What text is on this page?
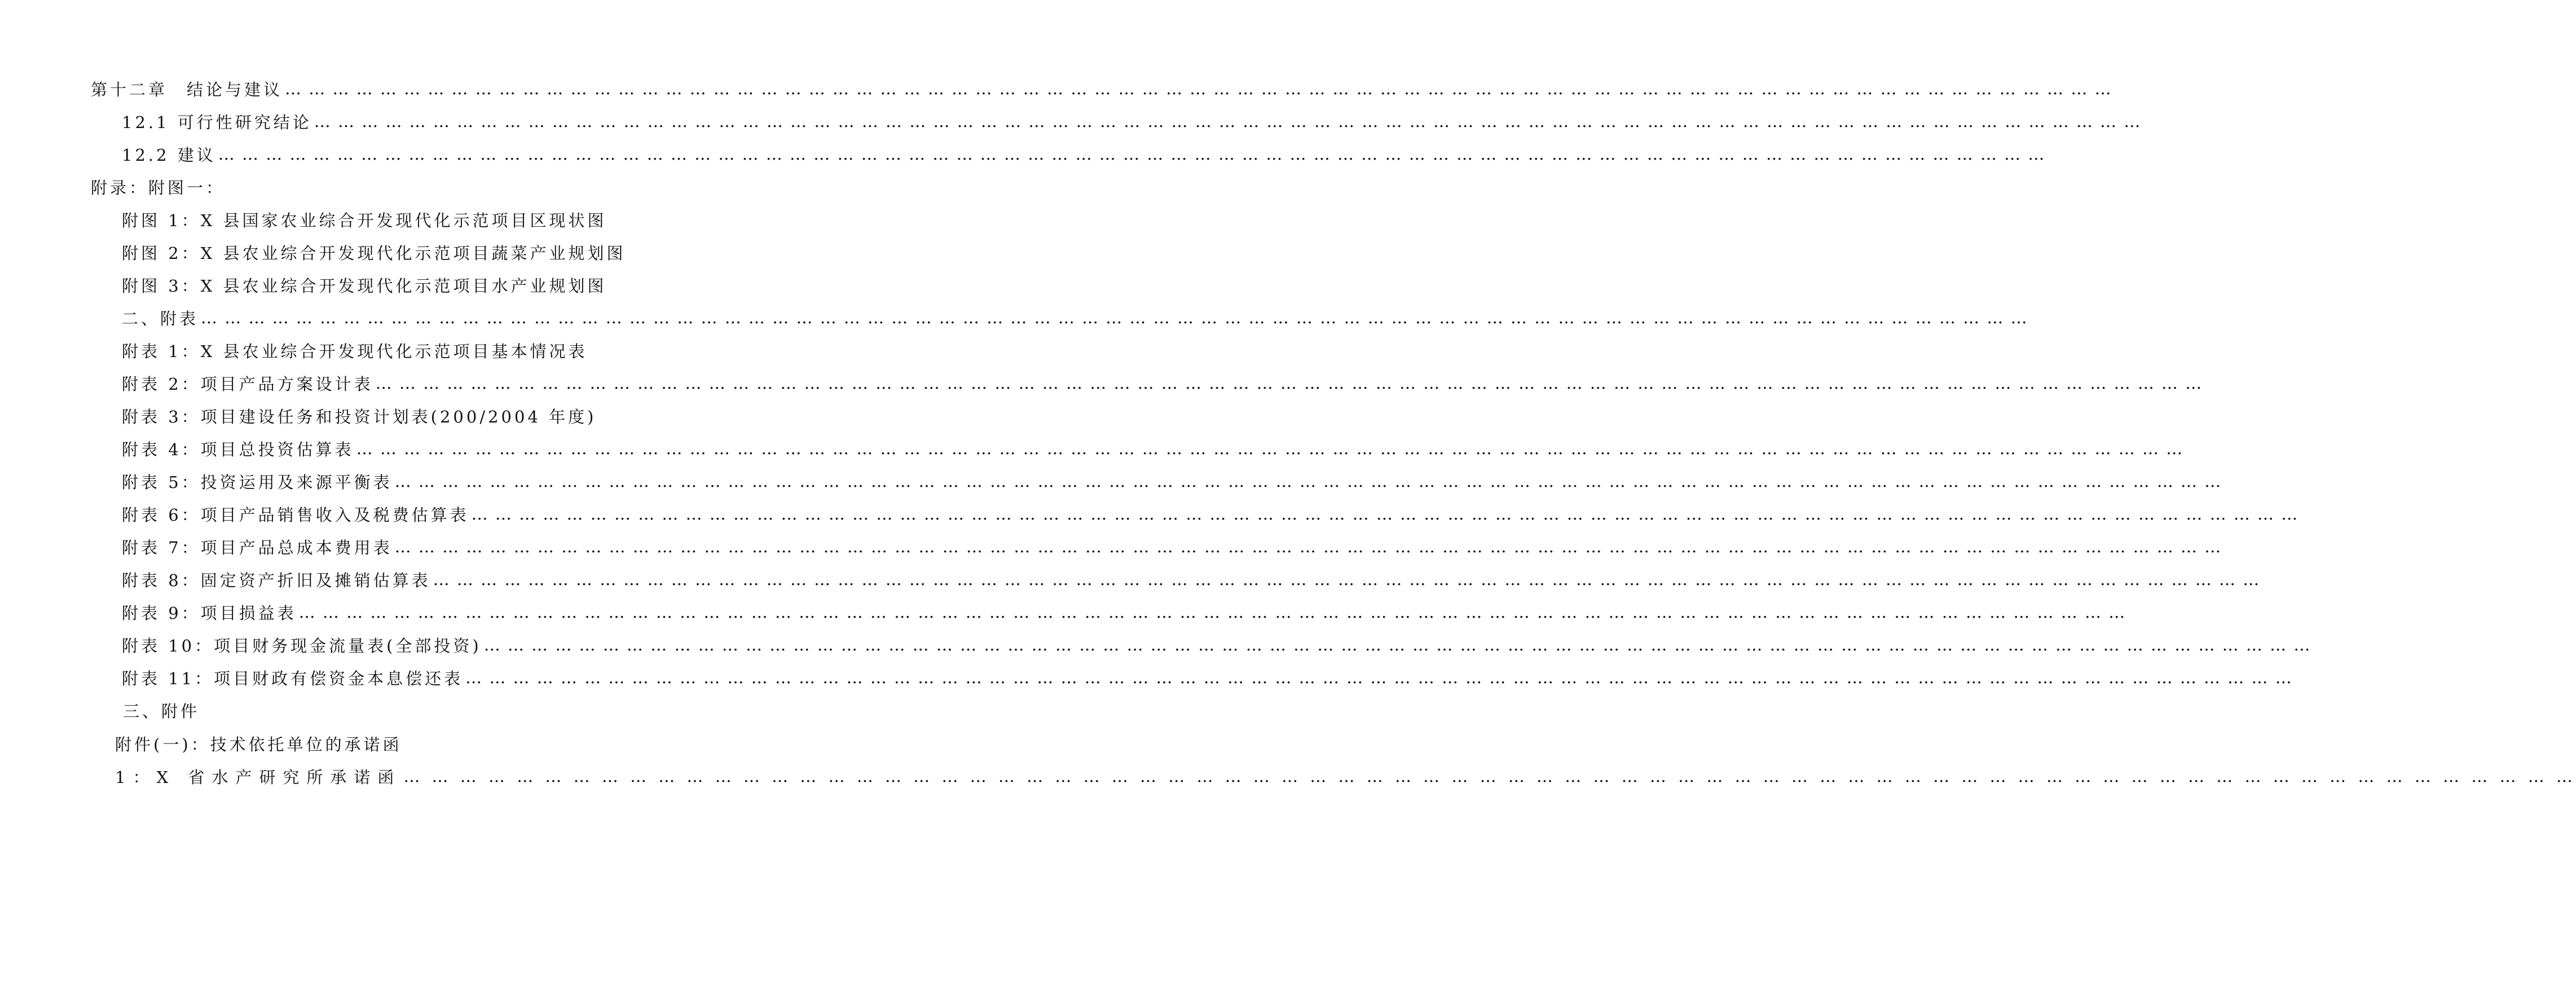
第十二章　结论与建议 … … … … … … … … … … … … … … … … … … … … … … … … … … … … … … … … … … … … … … … … … … … … … … … … … … … … … … … … … … … … … … … … … … … … … … … … … … … … …
12.1 可行性研究结论 … … … … … … … … … … … … … … … … … … … … … … … … … … … … … … … … … … … … … … … … … … … … … … … … … … … … … … … … … … … … … … … … … … … … … … … … … … … … …
12.2 建议 … … … … … … … … … … … … … … … … … … … … … … … … … … … … … … … … … … … … … … … … … … … … … … … … … … … … … … … … … … … … … … … … … … … … … … … … … … … … …
附录：附图一：
附图 1：X 县国家农业综合开发现代化示范项目区现状图
附图 2：X 县农业综合开发现代化示范项目蔬菜产业规划图
附图 3：X 县农业综合开发现代化示范项目水产业规划图
二、附表 … … … … … … … … … … … … … … … … … … … … … … … … … … … … … … … … … … … … … … … … … … … … … … … … … … … … … … … … … … … … … … … … … … … … … … … … … … … … …
附表 1：X 县农业综合开发现代化示范项目基本情况表
附表 2：项目产品方案设计表 … … … … … … … … … … … … … … … … … … … … … … … … … … … … … … … … … … … … … … … … … … … … … … … … … … … … … … … … … … … … … … … … … … … … … … … … … … … … …
附表 3：项目建设任务和投资计划表(200/2004 年度)
附表 4：项目总投资估算表 … … … … … … … … … … … … … … … … … … … … … … … … … … … … … … … … … … … … … … … … … … … … … … … … … … … … … … … … … … … … … … … … … … … … … … … … … … … … …
附表 5：投资运用及来源平衡表 … … … … … … … … … … … … … … … … … … … … … … … … … … … … … … … … … … … … … … … … … … … … … … … … … … … … … … … … … … … … … … … … … … … … … … … … … … … … …
附表 6：项目产品销售收入及税费估算表 … … … … … … … … … … … … … … … … … … … … … … … … … … … … … … … … … … … … … … … … … … … … … … … … … … … … … … … … … … … … … … … … … … … … … … … … … … … … …
附表 7：项目产品总成本费用表 … … … … … … … … … … … … … … … … … … … … … … … … … … … … … … … … … … … … … … … … … … … … … … … … … … … … … … … … … … … … … … … … … … … … … … … … … … … … …
附表 8：固定资产折旧及摊销估算表 … … … … … … … … … … … … … … … … … … … … … … … … … … … … … … … … … … … … … … … … … … … … … … … … … … … … … … … … … … … … … … … … … … … … … … … … … … … … …
附表 9：项目损益表 … … … … … … … … … … … … … … … … … … … … … … … … … … … … … … … … … … … … … … … … … … … … … … … … … … … … … … … … … … … … … … … … … … … … … … … … … … … … …
附表 10：项目财务现金流量表(全部投资) … … … … … … … … … … … … … … … … … … … … … … … … … … … … … … … … … … … … … … … … … … … … … … … … … … … … … … … … … … … … … … … … … … … … … … … … … … … … …
附表 11：项目财政有偿资金本息偿还表 … … … … … … … … … … … … … … … … … … … … … … … … … … … … … … … … … … … … … … … … … … … … … … … … … … … … … … … … … … … … … … … … … … … … … … … … … … … … …
三、附件
附件(一)：技术依托单位的承诺函
1：X 省水产研究所承诺函 … … … … … … … … … … … … … … … … … … … … … … … … … … … … … … … … … … … … … … … … … … … … … … … … … … … … … … … … … … … … … … … … … … … … … … … … … … … … …
